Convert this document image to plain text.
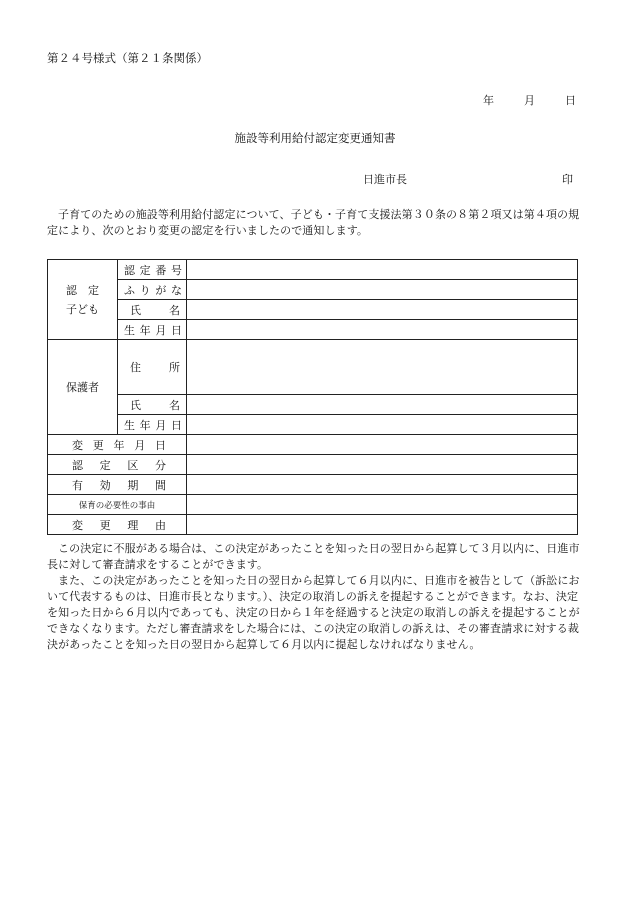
第２４号様式（第２１条関係）
年	月	日
施設等利用給付認定変更通知書
日進市長	印
子育てのための施設等利用給付認定について、子ども・子育て支援法第３０条の８第２項又は第４項の規定により、次のとおり変更の認定を行いましたので通知します。
認　定
子ども	認定番号	
	ふりがな	
	氏名	
	生年月日	
保護者	住所	
	氏名	
	生年月日	
変更年月日		
認定区分		
有効期間		
保育の必要性の事由		
変更理由		

この決定に不服がある場合は、この決定があったことを知った日の翌日から起算して３月以内に、日進市長に対して審査請求をすることができます。

また、この決定があったことを知った日の翌日から起算して６月以内に、日進市を被告として（訴訟において代表するものは、日進市長となります。）、決定の取消しの訴えを提起することができます。なお、決定を知った日から６月以内であっても、決定の日から１年を経過すると決定の取消しの訴えを提起することができなくなります。ただし審査請求をした場合には、この決定の取消しの訴えは、その審査請求に対する裁決があったことを知った日の翌日から起算して６月以内に提起しなければなりません。
